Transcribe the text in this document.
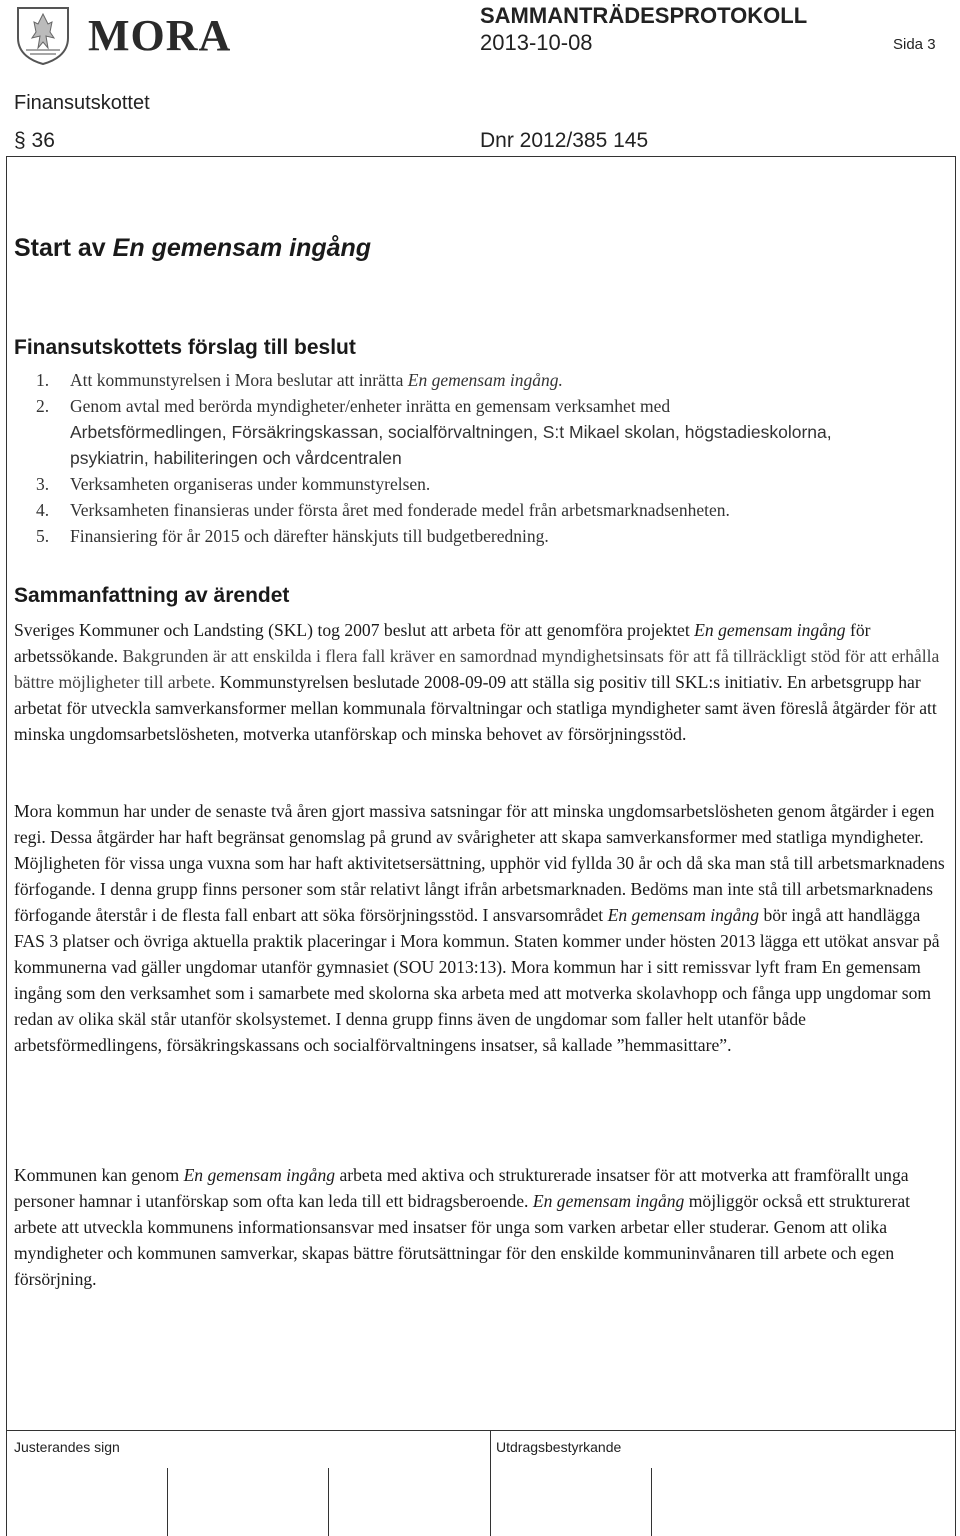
MORA	SAMMANTRÄDESPROTOKOLL
2013-10-08	Sida 3
Finansutskottet
§ 36	Dnr 2012/385 145
Start av En gemensam ingång
Finansutskottets förslag till beslut
1. Att kommunstyrelsen i Mora beslutar att inrätta En gemensam ingång.
2. Genom avtal med berörda myndigheter/enheter inrätta en gemensam verksamhet med
Arbetsförmedlingen, Försäkringskassan, socialförvaltningen, S:t Mikael skolan, högstadieskolorna,
psykiatrin, habiliteringen och vårdcentralen
3. Verksamheten organiseras under kommunstyrelsen.
4. Verksamheten finansieras under första året med fonderade medel från arbetsmarknadsenheten.
5. Finansiering för år 2015 och därefter hänskjuts till budgetberedning.
Sammanfattning av ärendet

Sveriges Kommuner och Landsting (SKL) tog 2007 beslut att arbeta för att genomföra projektet En gemensam ingång för arbetssökande. Bakgrunden är att enskilda i flera fall kräver en samordnad myndighetsinsats för att få tillräckligt stöd för att erhålla bättre möjligheter till arbete. Kommunstyrelsen beslutade 2008-09-09 att ställa sig positiv till SKL:s initiativ. En arbetsgrupp har arbetat för utveckla samverkansformer mellan kommunala förvaltningar och statliga myndigheter samt även föreslå åtgärder för att minska ungdomsarbetslösheten, motverka utanförskap och minska behovet av försörjningsstöd.

Mora kommun har under de senaste två åren gjort massiva satsningar för att minska ungdomsarbetslösheten genom åtgärder i egen regi. Dessa åtgärder har haft begränsat genomslag på grund av svårigheter att skapa samverkansformer med statliga myndigheter. Möjligheten för vissa unga vuxna som har haft aktivitetsersättning, upphör vid fyllda 30 år och då ska man stå till arbetsmarknadens förfogande. I denna grupp finns personer som står relativt långt ifrån arbetsmarknaden. Bedöms man inte stå till arbetsmarknadens förfogande återstår i de flesta fall enbart att söka försörjningsstöd. I ansvarsområdet En gemensam ingång bör ingå att handlägga FAS 3 platser och övriga aktuella praktik placeringar i Mora kommun. Staten kommer under hösten 2013 lägga ett utökat ansvar på kommunerna vad gäller ungdomar utanför gymnasiet (SOU 2013:13). Mora kommun har i sitt remissvar lyft fram En gemensam ingång som den verksamhet som i samarbete med skolorna ska arbeta med att motverka skolavhopp och fånga upp ungdomar som redan av olika skäl står utanför skolsystemet. I denna grupp finns även de ungdomar som faller helt utanför både arbetsförmedlingens, försäkringskassans och socialförvaltningens insatser, så kallade ”hemmasittare”.

Kommunen kan genom En gemensam ingång arbeta med aktiva och strukturerade insatser för att motverka att framförallt unga personer hamnar i utanförskap som ofta kan leda till ett bidragsberoende. En gemensam ingång möjliggör också ett strukturerat arbete att utveckla kommunens informationsansvar med insatser för unga som varken arbetar eller studerar. Genom att olika myndigheter och kommunen samverkar, skapas bättre förutsättningar för den enskilde kommuninvånaren till arbete och egen försörjning.

Justerandes sign	Utdragsbestyrkande
